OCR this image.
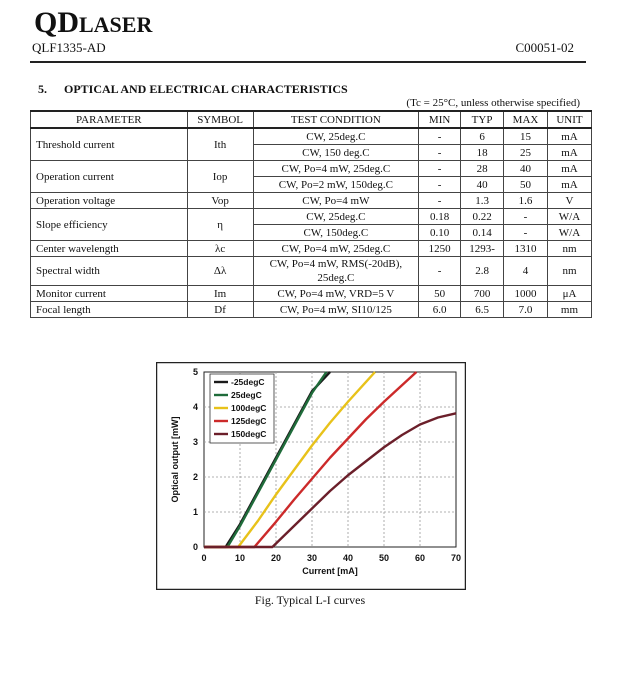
QDLASER
QLF1335-AD	C00051-02
5. OPTICAL AND ELECTRICAL CHARACTERISTICS
(Tc = 25°C, unless otherwise specified)
PARAMETER	SYMBOL	TEST CONDITION	MIN	TYP	MAX	UNIT
Threshold current	Ith	CW, 25deg.C	-	6	15	mA
		CW, 150 deg.C	-	18	25	mA
Operation current	Iop	CW, Po=4 mW, 25deg.C	-	28	40	mA
		CW, Po=2 mW, 150deg.C	-	40	50	mA
Operation voltage	Vop	CW, Po=4 mW	-	1.3	1.6	V
Slope efficiency	η	CW, 25deg.C	0.18	0.22	-	W/A
		CW, 150deg.C	0.10	0.14	-	W/A
Center wavelength	λc	CW, Po=4 mW, 25deg.C	1250	1293-	1310	nm
Spectral width	Δλ	CW, Po=4 mW, RMS(-20dB), 25deg.C	-	2.8	4	nm
Monitor current	Im	CW, Po=4 mW, VRD=5 V	50	700	1000	μA
Focal length	Df	CW, Po=4 mW, SI10/125	6.0	6.5	7.0	mm
0	10	20	30	40	50	60	70
0
1
2
3
4
5
Current [mA]
Optical output [mW]
-25degC
25degC
100degC
125degC
150degC
Fig. Typical L-I curves
